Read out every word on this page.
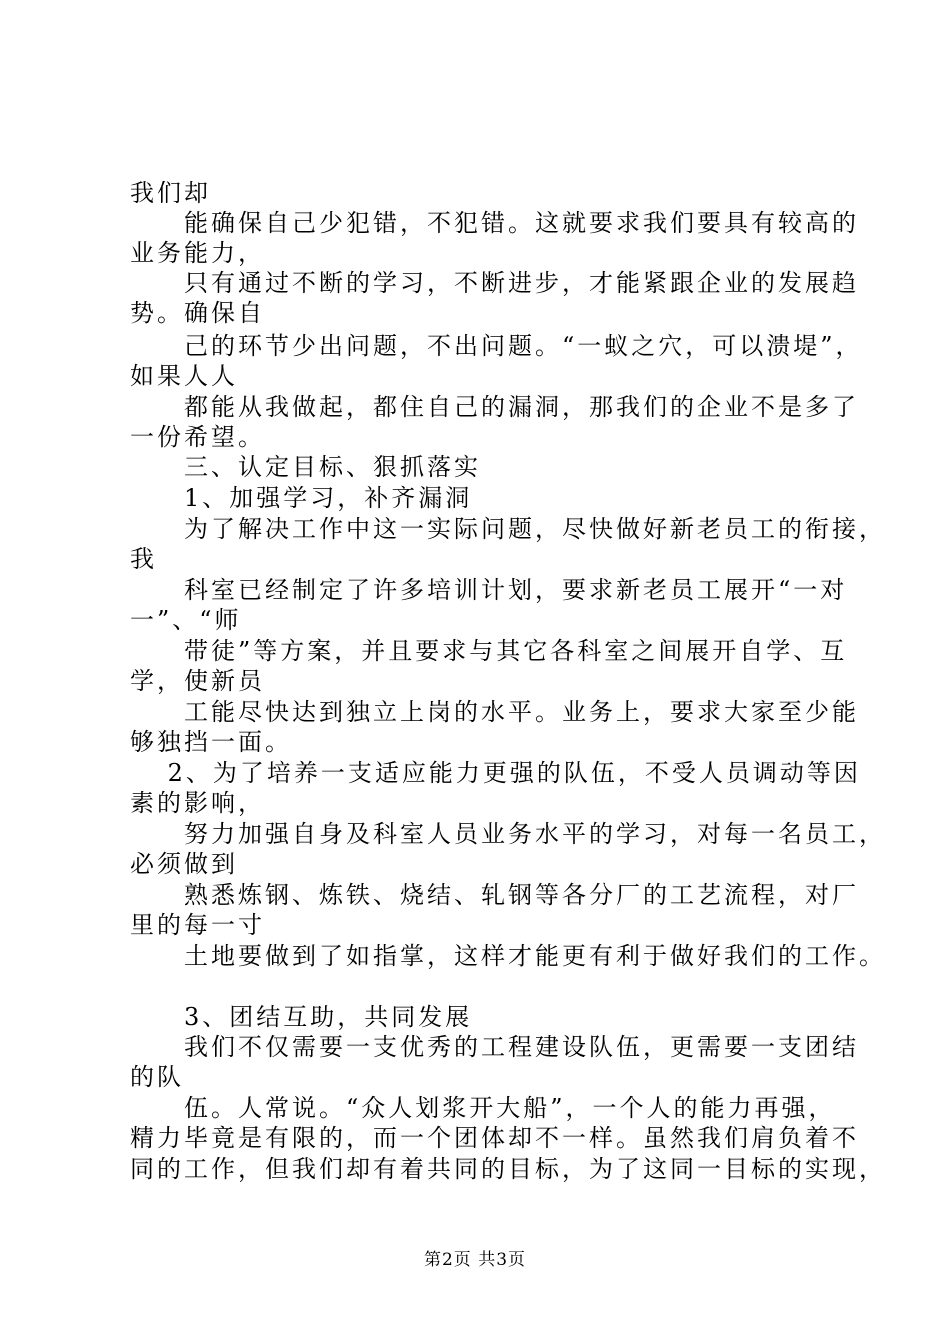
我们却
　　能确保自己少犯错，不犯错。这就要求我们要具有较高的
业务能力，
　　只有通过不断的学习，不断进步，才能紧跟企业的发展趋
势。确保自
　　己的环节少出问题，不出问题。“一蚁之穴，可以溃堤”，
如果人人
　　都能从我做起，都住自己的漏洞，那我们的企业不是多了
一份希望。
　　三、认定目标、狠抓落实
　　1、加强学习，补齐漏洞
　　为了解决工作中这一实际问题，尽快做好新老员工的衔接，
我
　　科室已经制定了许多培训计划，要求新老员工展开“一对
一”、“师
　　带徒”等方案，并且要求与其它各科室之间展开自学、互
学，使新员
　　工能尽快达到独立上岗的水平。业务上，要求大家至少能
够独挡一面。
　 2、为了培养一支适应能力更强的队伍，不受人员调动等因
素的影响，
　　努力加强自身及科室人员业务水平的学习，对每一名员工，
必须做到
　　熟悉炼钢、炼铁、烧结、轧钢等各分厂的工艺流程，对厂
里的每一寸
　　土地要做到了如指掌，这样才能更有利于做好我们的工作。
　　3、团结互助，共同发展
　　我们不仅需要一支优秀的工程建设队伍，更需要一支团结
的队
　　伍。人常说。“众人划浆开大船”，一个人的能力再强，
精力毕竟是有限的，而一个团体却不一样。虽然我们肩负着不
同的工作，但我们却有着共同的目标，为了这同一目标的实现，
第2页 共3页
